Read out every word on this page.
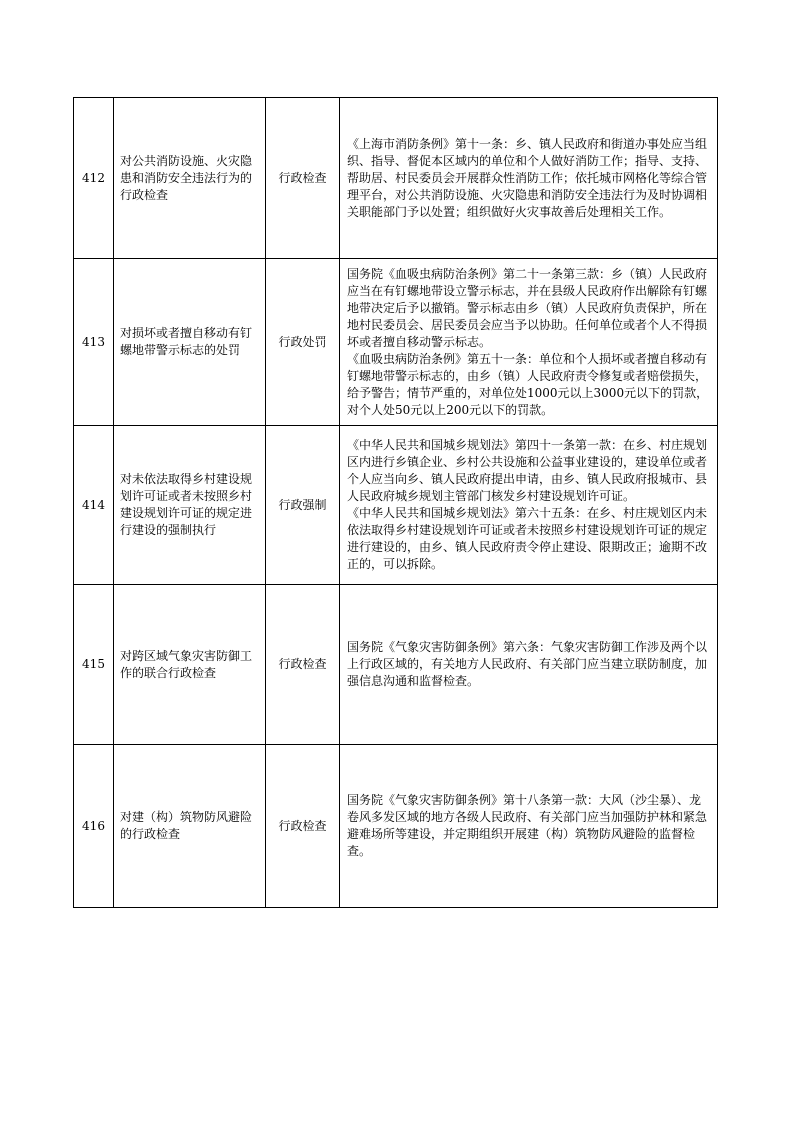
412	对公共消防设施、火灾隐患和消防安全违法行为的行政检查	行政检查	《上海市消防条例》第十一条：乡、镇人民政府和街道办事处应当组织、指导、督促本区域内的单位和个人做好消防工作；指导、支持、帮助居、村民委员会开展群众性消防工作；依托城市网格化等综合管理平台，对公共消防设施、火灾隐患和消防安全违法行为及时协调相关职能部门予以处置；组织做好火灾事故善后处理相关工作。

413	对损坏或者擅自移动有钉螺地带警示标志的处罚	行政处罚	国务院《血吸虫病防治条例》第二十一条第三款：乡（镇）人民政府应当在有钉螺地带设立警示标志，并在县级人民政府作出解除有钉螺地带决定后予以撤销。警示标志由乡（镇）人民政府负责保护，所在地村民委员会、居民委员会应当予以协助。任何单位或者个人不得损坏或者擅自移动警示标志。
《血吸虫病防治条例》第五十一条：单位和个人损坏或者擅自移动有钉螺地带警示标志的，由乡（镇）人民政府责令修复或者赔偿损失，给予警告；情节严重的，对单位处1000元以上3000元以下的罚款，对个人处50元以上200元以下的罚款。

414	对未依法取得乡村建设规划许可证或者未按照乡村建设规划许可证的规定进行建设的强制执行	行政强制	《中华人民共和国城乡规划法》第四十一条第一款：在乡、村庄规划区内进行乡镇企业、乡村公共设施和公益事业建设的，建设单位或者个人应当向乡、镇人民政府提出申请，由乡、镇人民政府报城市、县人民政府城乡规划主管部门核发乡村建设规划许可证。
《中华人民共和国城乡规划法》第六十五条：在乡、村庄规划区内未依法取得乡村建设规划许可证或者未按照乡村建设规划许可证的规定进行建设的，由乡、镇人民政府责令停止建设、限期改正；逾期不改正的，可以拆除。

415	对跨区域气象灾害防御工作的联合行政检查	行政检查	国务院《气象灾害防御条例》第六条：气象灾害防御工作涉及两个以上行政区域的，有关地方人民政府、有关部门应当建立联防制度，加强信息沟通和监督检查。

416	对建（构）筑物防风避险的行政检查	行政检查	国务院《气象灾害防御条例》第十八条第一款：大风（沙尘暴）、龙卷风多发区域的地方各级人民政府、有关部门应当加强防护林和紧急避难场所等建设，并定期组织开展建（构）筑物防风避险的监督检查。
